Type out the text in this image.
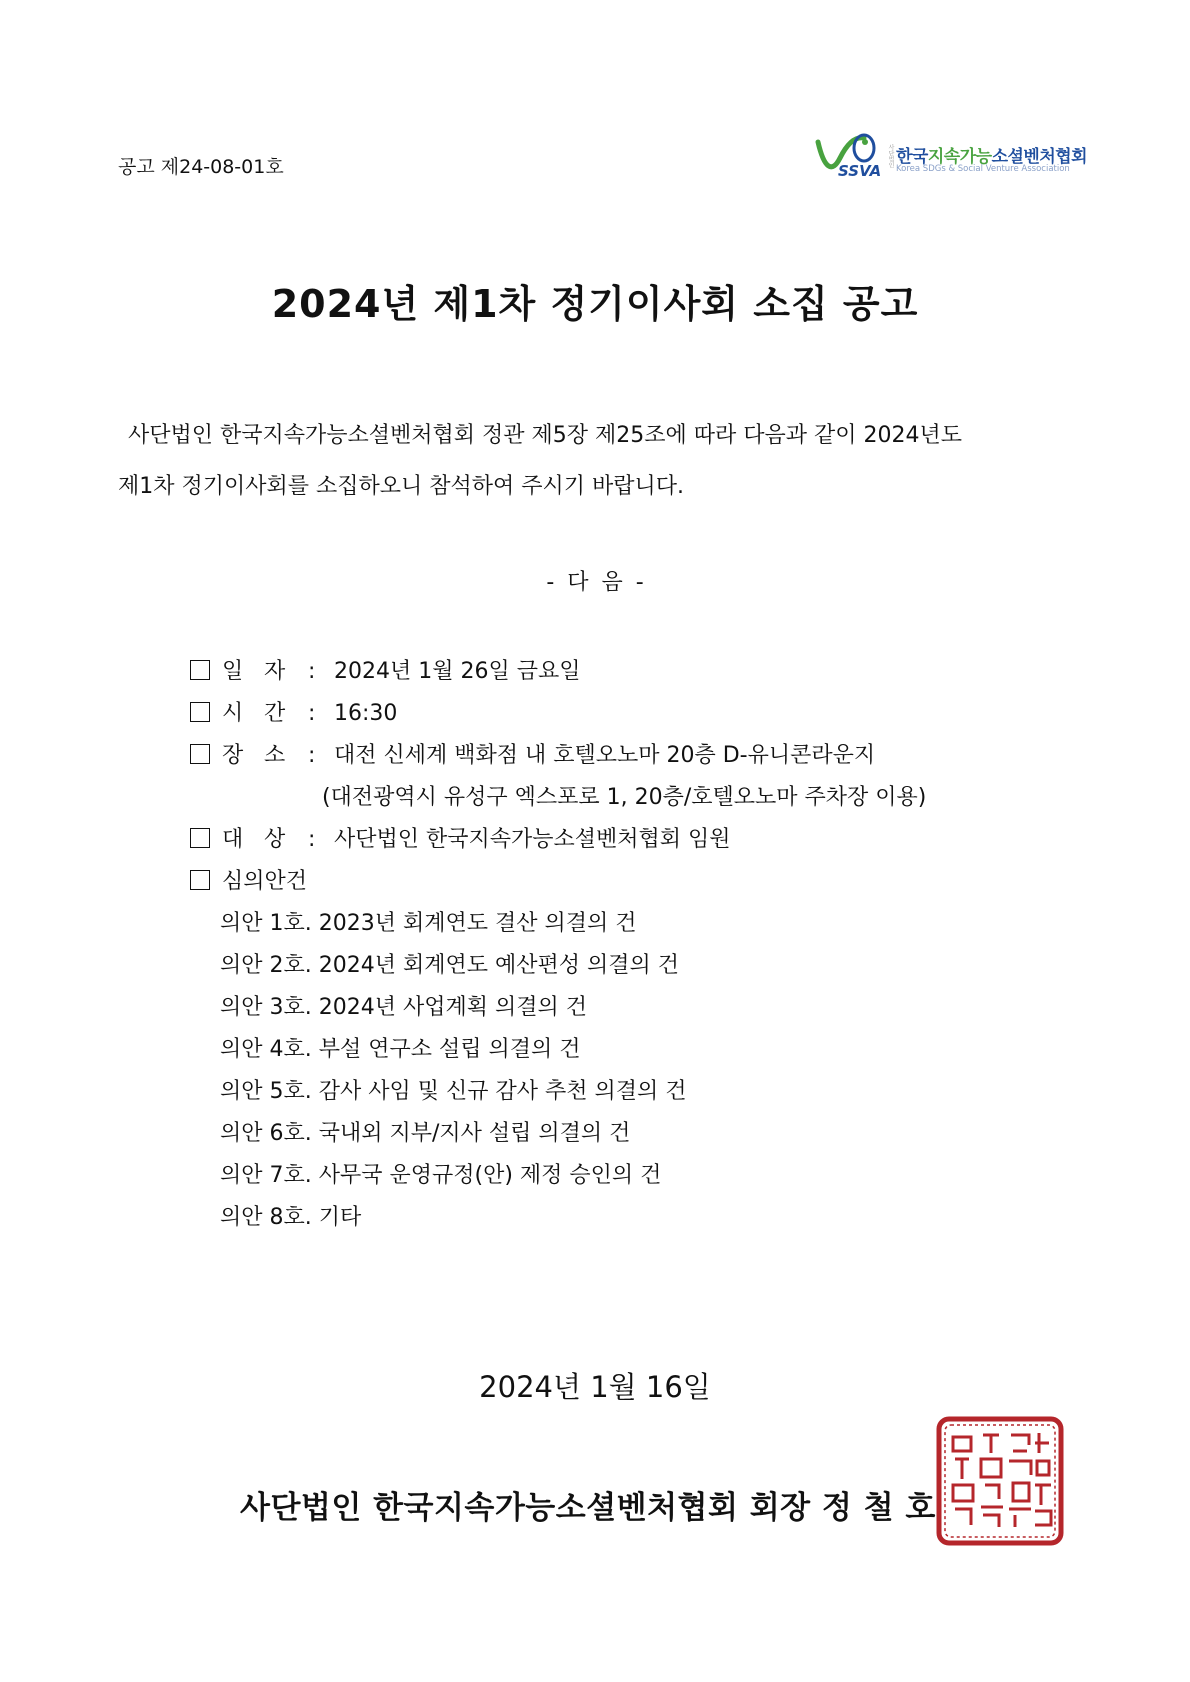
공고 제24-08-01호	SSVA
사단법인 한국지속가능소셜벤처협회
Korea SDGs & Social Venture Association
2024년 제1차 정기이사회 소집 공고
사단법인 한국지속가능소셜벤처협회 정관 제5장 제25조에 따라 다음과 같이 2024년도
제1차 정기이사회를 소집하오니 참석하여 주시기 바랍니다.
- 다 음 -
일 자 : 2024년 1월 26일 금요일
시 간 : 16:30
장 소 : 대전 신세계 백화점 내 호텔오노마 20층 D-유니콘라운지
(대전광역시 유성구 엑스포로 1, 20층/호텔오노마 주차장 이용)
대 상 : 사단법인 한국지속가능소셜벤처협회 임원
심의안건
의안 1호. 2023년 회계연도 결산 의결의 건
의안 2호. 2024년 회계연도 예산편성 의결의 건
의안 3호. 2024년 사업계획 의결의 건
의안 4호. 부설 연구소 설립 의결의 건
의안 5호. 감사 사임 및 신규 감사 추천 의결의 건
의안 6호. 국내외 지부/지사 설립 의결의 건
의안 7호. 사무국 운영규정(안) 제정 승인의 건
의안 8호. 기타
2024년 1월 16일
사단법인 한국지속가능소셜벤처협회 회장 정 철 호
